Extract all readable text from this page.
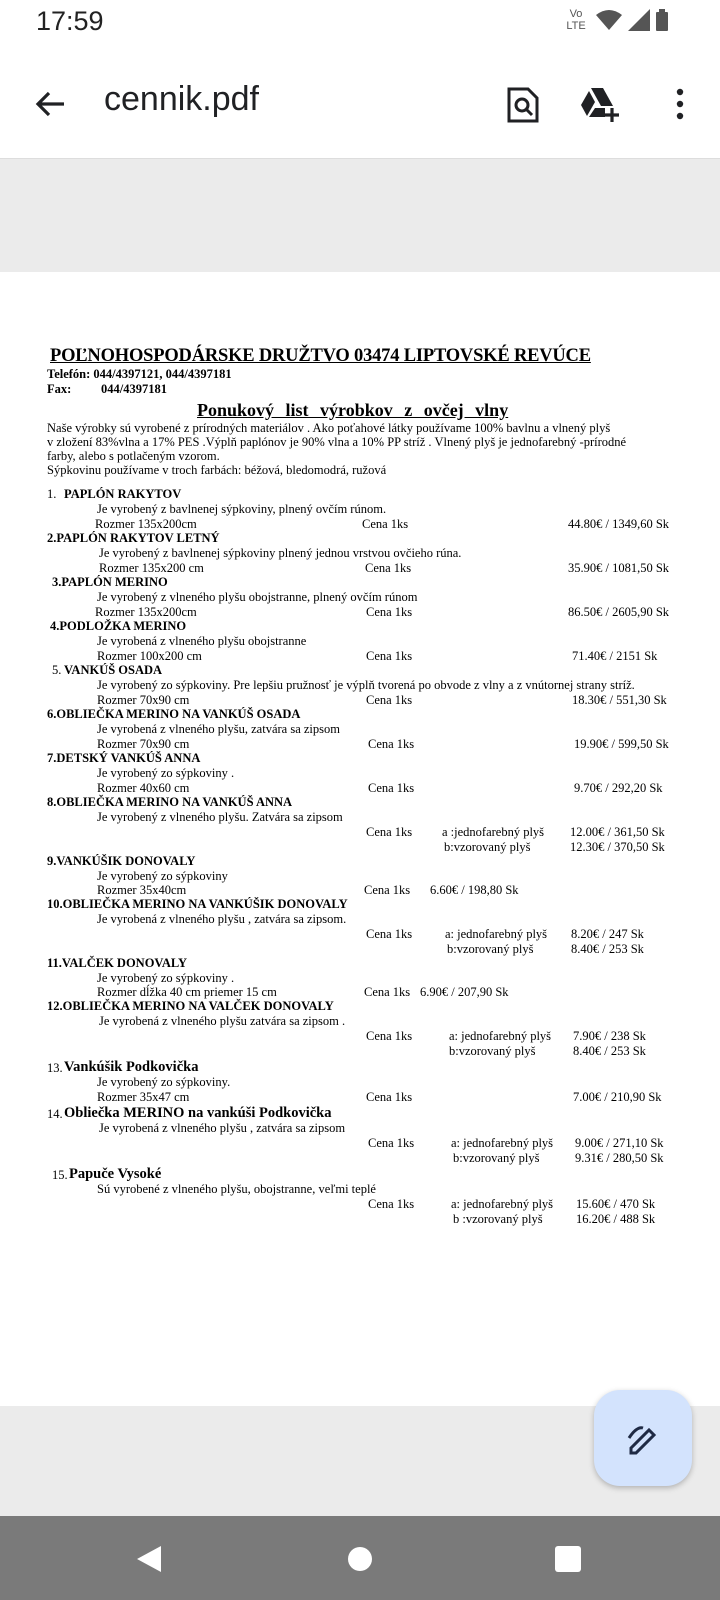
17:59	Vo LTE
cennik.pdf
POĽNOHOSPODÁRSKE DRUŽTVO 03474 LIPTOVSKÉ REVÚCE
Telefón: 044/4397121, 044/4397181
Fax: 044/4397181
Ponukový list výrobkov z ovčej vlny
Naše výrobky sú vyrobené z prírodných materiálov . Ako poťahové látky používame 100% bavlnu a vlnený plyš
v zložení 83%vlna a 17% PES .Výplň paplónov je 90% vlna a 10% PP stríž . Vlnený plyš je jednofarebný -prírodné
farby, alebo s potlačeným vzorom.
Sýpkovinu používame v troch farbách: béžová, bledomodrá, ružová
1. PAPLÓN RAKYTOV
Je vyrobený z bavlnenej sýpkoviny, plnený ovčím rúnom.
Rozmer 135x200cm	Cena 1ks	44.80€ / 1349,60 Sk
2.PAPLÓN RAKYTOV LETNÝ
Je vyrobený z bavlnenej sýpkoviny plnený jednou vrstvou ovčieho rúna.
Rozmer 135x200 cm	Cena 1ks	35.90€ / 1081,50 Sk
3.PAPLÓN MERINO
Je vyrobený z vlneného plyšu obojstranne, plnený ovčím rúnom
Rozmer 135x200cm	Cena 1ks	86.50€ / 2605,90 Sk
4.PODLOŽKA MERINO
Je vyrobená z vlneného plyšu obojstranne
Rozmer 100x200 cm	Cena 1ks	71.40€ / 2151 Sk
5. VANKÚŠ OSADA
Je vyrobený zo sýpkoviny. Pre lepšiu pružnosť je výplň tvorená po obvode z vlny a z vnútornej strany stríž.
Rozmer 70x90 cm	Cena 1ks	18.30€ / 551,30 Sk
6.OBLIEČKA MERINO NA VANKÚŠ OSADA
Je vyrobená z vlneného plyšu, zatvára sa zipsom
Rozmer 70x90 cm	Cena 1ks	19.90€ / 599,50 Sk
7.DETSKÝ VANKÚŠ ANNA
Je vyrobený zo sýpkoviny .
Rozmer 40x60 cm	Cena 1ks	9.70€ / 292,20 Sk
8.OBLIEČKA MERINO NA VANKÚŠ ANNA
Je vyrobený z vlneného plyšu. Zatvára sa zipsom
Cena 1ks a :jednofarebný plyš 12.00€ / 361,50 Sk
b:vzorovaný plyš	12.30€ / 370,50 Sk
9.VANKÚŠIK DONOVALY
Je vyrobený zo sýpkoviny
Rozmer 35x40cm	Cena 1ks 6.60€ / 198,80 Sk
10.OBLIEČKA MERINO NA VANKÚŠIK DONOVALY
Je vyrobená z vlneného plyšu , zatvára sa zipsom.
Cena 1ks	a: jednofarebný plyš 8.20€ / 247 Sk
b:vzorovaný plyš	8.40€ / 253 Sk
11.VALČEK DONOVALY
Je vyrobený zo sýpkoviny .
Rozmer dĺžka 40 cm priemer 15 cm	Cena 1ks 6.90€ / 207,90 Sk
12.OBLIEČKA MERINO NA VALČEK DONOVALY
Je vyrobená z vlneného plyšu zatvára sa zipsom .
Cena 1ks	a: jednofarebný plyš 7.90€ / 238 Sk
b:vzorovaný plyš	8.40€ / 253 Sk
13. Vankúšik Podkovička
Je vyrobený zo sýpkoviny.
Rozmer 35x47 cm	Cena 1ks	7.00€ / 210,90 Sk
14. Obliečka MERINO na vankúši Podkovička
Je vyrobená z vlneného plyšu , zatvára sa zipsom
Cena 1ks	a: jednofarebný plyš 9.00€ / 271,10 Sk
b:vzorovaný plyš	9.31€ / 280,50 Sk
15. Papuče Vysoké
Sú vyrobené z vlneného plyšu, obojstranne, veľmi teplé
Cena 1ks	a: jednofarebný plyš 15.60€ / 470 Sk
b :vzorovaný plyš	16.20€ / 488 Sk
